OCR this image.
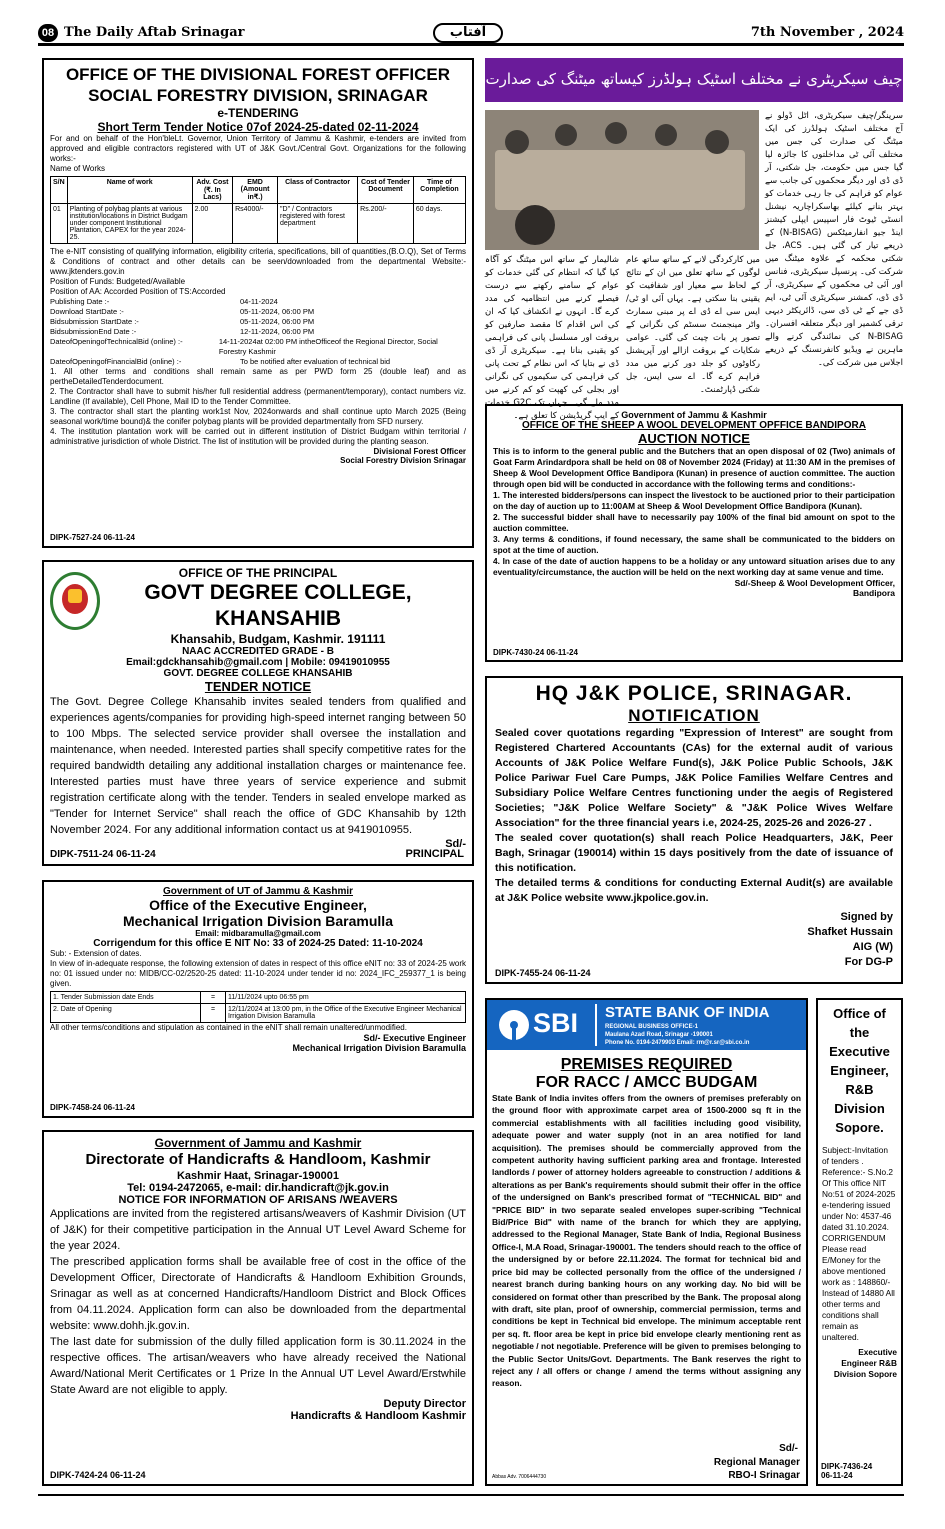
08 The Daily Aftab Srinagar	آفتاب	7th November , 2024
OFFICE OF THE DIVISIONAL FOREST OFFICER
SOCIAL FORESTRY DIVISION, SRINAGAR
e-TENDERING
Short Term Tender Notice 07of 2024-25-dated 02-11-2024
For and on behalf of the Hon'bleLt. Governor, Union Territory of Jammu & Kashmir, e-tenders are invited from approved and eligible contractors registered with UT of J&K Govt./Central Govt. Organizations for the following works:-
Name of Works
S/N	Name of work	Adv. Cost (₹. In Lacs)	EMD (Amount in₹.)	Class of Contractor	Cost of Tender Document	Time of Completion
01	Planting of polybag plants at various institution/locations in District Budgam under component Institutional Plantation, CAPEX for the year 2024-25.	2.00	Rs4000/-	"D" / Contractors registered with forest department	Rs.200/-	60 days.
The e-NIT consisting of qualifying information, eligibility criteria, specifications, bill of quantities,(B.O.Q), Set of Terms & Conditions of contract and other details can be seen/downloaded from the departmental Website:- www.jktenders.gov.in
Position of Funds: Budgeted/Available
Position of AA: Accorded Position of TS:Accorded
Publishing Date :-	04-11-2024
Download StartDate :-	05-11-2024, 06:00 PM
Bidsubmission StartDate :-	05-11-2024, 06:00 PM
BidsubmissionEnd Date :-	12-11-2024, 06:00 PM
DateofOpeningofTechnicalBid (online) :-	14-11-2024at 02:00 PM intheOfficeof the Regional Director, Social Forestry Kashmir
DateofOpeningofFinancialBid (online) :-	To be notified after evaluation of technical bid
1. All other terms and conditions shall remain same as per PWD form 25 (double leaf) and as pertheDetailedTenderdocument.
2. The Contractor shall have to submit his/her full residential address (permanent/temporary), contact numbers viz. Landline (If available), Cell Phone, Mail ID to the Tender Committee.
3. The contractor shall start the planting work1st Nov, 2024onwards and shall continue upto March 2025 (Being seasonal work/time bound)& the conifer polybag plants will be provided departmentally from SFD nursery.
4. The institution plantation work will be carried out in different institution of District Budgam within territorial / administrative jurisdiction of whole District. The list of institution will be provided during the planting season.
Divisional Forest Officer
Social Forestry Division Srinagar
DIPK-7527-24 06-11-24
OFFICE OF THE PRINCIPAL
GOVT DEGREE COLLEGE, KHANSAHIB
Khansahib, Budgam, Kashmir. 191111
NAAC ACCREDITED GRADE - B
Email:gdckhansahib@gmail.com | Mobile: 09419010955
GOVT. DEGREE COLLEGE KHANSAHIB
TENDER NOTICE
The Govt. Degree College Khansahib invites sealed tenders from qualified and experiences agents/companies for providing high-speed internet ranging between 50 to 100 Mbps. The selected service provider shall oversee the installation and maintenance, when needed. Interested parties shall specify competitive rates for the required bandwidth detailing any additional installation charges or maintenance fee. Interested parties must have three years of service experience and submit registration certificate along with the tender. Tenders in sealed envelope marked as "Tender for Internet Service" shall reach the office of GDC Khansahib by 12th November 2024. For any additional information contact us at 9419010955.
Sd/-
DIPK-7511-24 06-11-24	PRINCIPAL
Government of UT of Jammu & Kashmir
Office of the Executive Engineer,
Mechanical Irrigation Division Baramulla
Email: midbaramulla@gmail.com
Corrigendum for this office E NIT No: 33 of 2024-25 Dated: 11-10-2024
Sub: - Extension of dates.
In view of in-adequate response, the following extension of dates in respect of this office eNIT no: 33 of 2024-25 work no: 01 issued under no: MIDB/CC-02/2520-25 dated: 11-10-2024 under tender id no: 2024_IFC_259377_1 is being given.
1. Tender Submission date Ends	=	11/11/2024 upto 06:55 pm
2. Date of Opening	=	12/11/2024 at 13:00 pm, in the Office of the Executive Engineer Mechanical Irrigation Division Baramulla
All other terms/conditions and stipulation as contained in the eNIT shall remain unaltered/unmodified.
Sd/- Executive Engineer
Mechanical Irrigation Division Baramulla
DIPK-7458-24 06-11-24
Government of Jammu and Kashmir
Directorate of Handicrafts & Handloom, Kashmir
Kashmir Haat, Srinagar-190001
Tel: 0194-2472065, e-mail: dir.handicraft@jk.gov.in
NOTICE FOR INFORMATION OF ARISANS /WEAVERS
Applications are invited from the registered artisans/weavers of Kashmir Division (UT of J&K) for their competitive participation in the Annual UT Level Award Scheme for the year 2024.
The prescribed application forms shall be available free of cost in the office of the Development Officer, Directorate of Handicrafts & Handloom Exhibition Grounds, Srinagar as well as at concerned Handicrafts/Handloom District and Block Offices from 04.11.2024. Application form can also be downloaded from the departmental website: www.dohh.jk.gov.in.
The last date for submission of the dully filled application form is 30.11.2024 in the respective offices. The artisan/weavers who have already received the National Award/National Merit Certificates or 1 Prize In the Annual UT Level Award/Erstwhile State Award are not eligible to apply.
Deputy Director
Handicrafts & Handloom Kashmir
DIPK-7424-24 06-11-24
چیف سیکریٹری نے مختلف اسٹیک ہولڈرز کیساتھ میٹنگ کی صدارت
سرینگر/چیف سیکریٹری، اٹل ڈولو نے آج مختلف اسٹیک ہولڈرز کی ایک میٹنگ کی صدارت کی جس میں مختلف آئی ٹی مداخلتوں کا جائزہ لیا گیا جس میں حکومت، جل شکتی، آر ڈی ڈی اور دیگر محکموں کی جانب سے عوام کو فراہم کی جا رہی خدمات کو بہتر بنانے کیلئے بھاسکراچاریہ نیشنل انسٹی ٹیوٹ فار اسپیس ایپلی کیشنز اینڈ جیو انفارمیٹکس (N-BISAG) کے ذریعے تیار کی گئی ہیں۔ ACS، جل شکتی محکمہ کے علاوہ میٹنگ میں شرکت کی۔ پرنسپل سیکریٹری، فنانس اور آئی ٹی محکموں کے سیکریٹری، آر ڈی ڈی، کمشنر سیکریٹری آئی ٹی، ایم ڈی جے کے ٹی ڈی سی، ڈائریکٹر دیہی ترقی کشمیر اور دیگر متعلقہ افسران۔ N-BISAG کی نمائندگی کرنے والے ماہرین نے ویڈیو کانفرنسنگ کے ذریعے اجلاس میں شرکت کی۔
شالیمار کے ساتھ اس میٹنگ کو آگاہ کیا گیا کہ انتظام کی گئی خدمات کو عوام کے سامنے رکھنے سے درست فیصلے کرنے میں انتظامیہ کی مدد کرے گا۔ انہوں نے انکشاف کیا کہ ان کی اس اقدام کا مقصد صارفین کو بروقت اور مسلسل پانی کی فراہمی کو یقینی بنانا ہے۔ سیکریٹری آر ڈی ڈی نے بتایا کہ اس نظام کے تحت پانی کی فراہمی کی سکیموں کی نگرانی اور بجلی کی کھپت کو کم کرنے میں مدد ملے گی۔ جہاں تک G2C خدمات کے ایپ گریڈیشن کا تعلق ہے۔
میں کارکردگی لانے کے ساتھ ساتھ عام لوگوں کے ساتھ تعلق میں ان کے نتائج کے لحاظ سے معیار اور شفافیت کو یقینی بنا سکتی ہے۔ یہاں آئی او ٹی/ایس سی اے ڈی اے پر مبنی سمارٹ واٹر مینجمنٹ سسٹم کی نگرانی کے تصور پر بات چیت کی گئی۔ عوامی شکایات کے بروقت ازالے اور آپریشنل رکاوٹوں کو جلد دور کرنے میں مدد فراہم کرے گا۔ اے سی ایس، جل شکتی ڈپارٹمنٹ۔
Government of Jammu & Kashmir
OFFICE OF THE SHEEP A WOOL DEVELOPMENT OPFFICE BANDIPORA
AUCTION NOTICE
This is to inform to the general public and the Butchers that an open disposal of 02 (Two) animals of Goat Farm Arindardpora shall be held on 08 of November 2024 (Friday) at 11:30 AM in the premises of Sheep & Wool Development Office Bandipora (Kunan) in presence of auction committee. The auction through open bid will be conducted in accordance with the following terms and conditions:-
1. The interested bidders/persons can inspect the livestock to be auctioned prior to their participation on the day of auction up to 11:00AM at Sheep & Wool Development Office Bandipora (Kunan).
2. The successful bidder shall have to necessarily pay 100% of the final bid amount on spot to the auction committee.
3. Any terms & conditions, if found necessary, the same shall be communicated to the bidders on spot at the time of auction.
4. In case of the date of auction happens to be a holiday or any untoward situation arises due to any eventuality/circumstance, the auction will be held on the next working day at same venue and time.
Sd/-Sheep & Wool Development Officer,
Bandipora
DIPK-7430-24 06-11-24
HQ J&K POLICE, SRINAGAR.
NOTIFICATION
Sealed cover quotations regarding "Expression of Interest" are sought from Registered Chartered Accountants (CAs) for the external audit of various Accounts of J&K Police Welfare Fund(s), J&K Police Public Schools, J&K Police Pariwar Fuel Care Pumps, J&K Police Families Welfare Centres and Subsidiary Police Welfare Centres functioning under the aegis of Registered Societies; "J&K Police Welfare Society" & "J&K Police Wives Welfare Association" for the three financial years i.e, 2024-25, 2025-26 and 2026-27 .
The sealed cover quotation(s) shall reach Police Headquarters, J&K, Peer Bagh, Srinagar (190014) within 15 days positively from the date of issuance of this notification.
The detailed terms & conditions for conducting External Audit(s) are available at J&K Police website www.jkpolice.gov.in.
Signed by
Shafket Hussain
AIG (W)
For DG-P
DIPK-7455-24 06-11-24
SBI STATE BANK OF INDIA
REGIONAL BUSINESS OFFICE-1
Maulana Azad Road, Srinagar -190001
Phone No. 0194-2479903 Email: rm@r.sr@sbi.co.in
PREMISES REQUIRED
FOR RACC / AMCC BUDGAM
State Bank of India invites offers from the owners of premises preferably on the ground floor with approximate carpet area of 1500-2000 sq ft in the commercial establishments with all facilities including good visibility, adequate power and water supply (not in an area notified for land acquisition). The premises should be commercially approved from the competent authority having sufficient parking area and frontage. Interested landlords / power of attorney holders agreeable to construction / additions & alterations as per Bank's requirements should submit their offer in the office of the undersigned on Bank's prescribed format of "TECHNICAL BID" and "PRICE BID" in two separate sealed envelopes super-scribing "Technical Bid/Price Bid" with name of the branch for which they are applying, addressed to the Regional Manager, State Bank of India, Regional Business Office-I, M.A Road, Srinagar-190001. The tenders should reach to the office of the undersigned by or before 22.11.2024. The format for technical bid and price bid may be collected personally from the office of the undersigned / nearest branch during banking hours on any working day. No bid will be considered on format other than prescribed by the Bank. The proposal along with draft, site plan, proof of ownership, commercial permission, terms and conditions be kept in Technical bid envelope. The minimum acceptable rent per sq. ft. floor area be kept in price bid envelope clearly mentioning rent as negotiable / not negotiable. Preference will be given to premises belonging to the Public Sector Units/Govt. Departments. The Bank reserves the right to reject any / all offers or change / amend the terms without assigning any reason.
Sd/-
Regional Manager
RBO-I Srinagar
Abbas Adv. 7006444730
Office of the Executive Engineer, R&B Division Sopore.
Subject:-Invitation of tenders . Reference:- S.No.2 Of This office NIT No:51 of 2024-2025 e-tendering issued under No: 4537-46 dated 31.10.2024. CORRIGENDUM Please read E/Money for the above mentioned work as : 148860/- Instead of 14880 All other terms and conditions shall remain as unaltered.
Executive Engineer R&B Division Sopore
DIPK-7436-24 06-11-24
